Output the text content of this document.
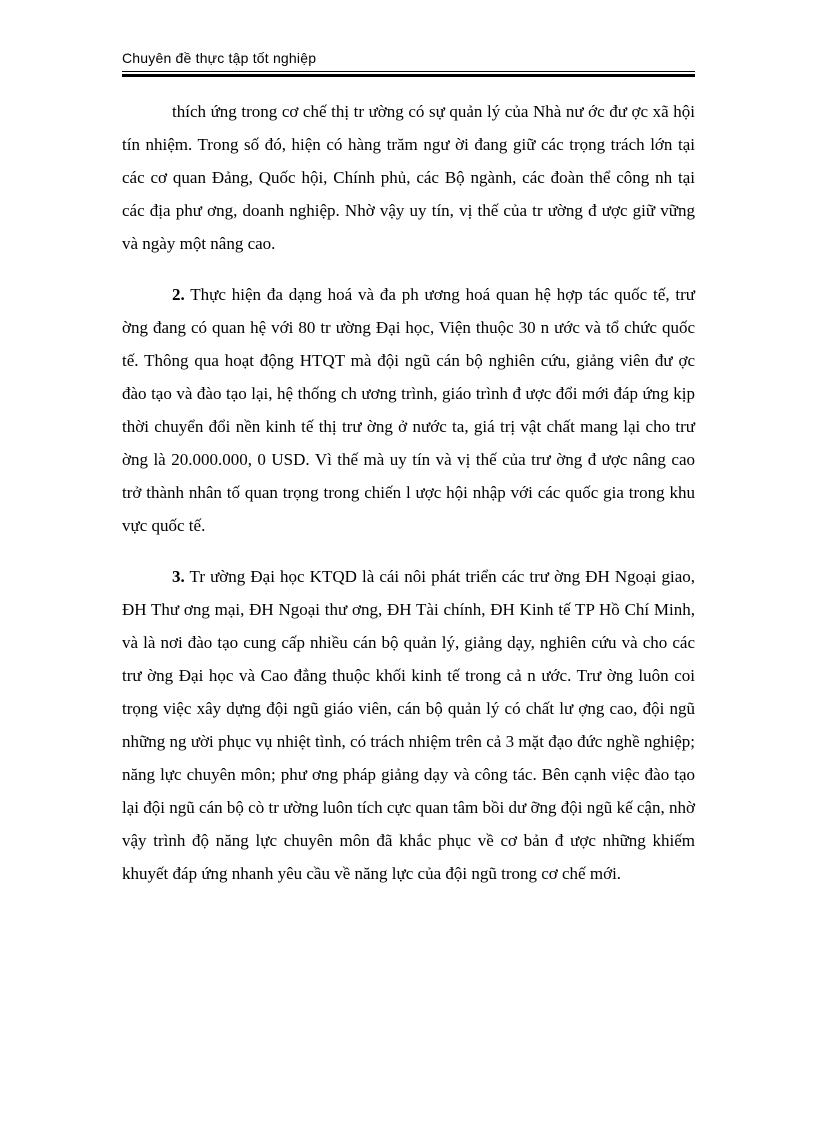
Chuyên đề thực tập tốt nghiệp

thích ứng trong cơ chế thị tr ường có sự quản lý của Nhà nư ớc đư ợc xã hội tín nhiệm. Trong số đó, hiện có hàng trăm ngư ời đang giữ các trọng trách lớn tại các cơ quan Đảng, Quốc hội, Chính phủ, các Bộ ngành, các đoàn thể công nh tại các địa phư ơng, doanh nghiệp. Nhờ vậy uy tín, vị thế của tr ường đ ược giữ vững và ngày một nâng cao.

2. Thực hiện đa dạng hoá và đa ph ương hoá quan hệ hợp tác quốc tế, trư ờng đang có quan hệ với 80 tr ường Đại học, Viện thuộc 30 n ước và tổ chức quốc tế. Thông qua hoạt động HTQT mà đội ngũ cán bộ nghiên cứu, giảng viên đư ợc đào tạo và đào tạo lại, hệ thống ch ương trình, giáo trình đ ược đổi mới đáp ứng kịp thời chuyển đổi nền kinh tế thị trư ờng ở nước ta, giá trị vật chất mang lại cho trư ờng là 20.000.000, 0 USD. Vì thế mà uy tín và vị thế của trư ờng đ ược nâng cao trở thành nhân tố quan trọng trong chiến l ược hội nhập với các quốc gia trong khu vực quốc tế.

3. Tr ường Đại học KTQD là cái nôi phát triển các trư ờng ĐH Ngoại giao, ĐH Thư ơng mại, ĐH Ngoại thư ơng, ĐH Tài chính, ĐH Kinh tế TP Hồ Chí Minh, và là nơi đào tạo cung cấp nhiều cán bộ quản lý, giảng dạy, nghiên cứu và cho các trư ờng Đại học và Cao đẳng thuộc khối kinh tế trong cả n ước. Trư ờng luôn coi trọng việc xây dựng đội ngũ giáo viên, cán bộ quản lý có chất lư ợng cao, đội ngũ những ng ười phục vụ nhiệt tình, có trách nhiệm trên cả 3 mặt đạo đức nghề nghiệp; năng lực chuyên môn; phư ơng pháp giảng dạy và công tác. Bên cạnh việc đào tạo lại đội ngũ cán bộ cò tr ường luôn tích cực quan tâm bồi dư ỡng đội ngũ kế cận, nhờ vậy trình độ năng lực chuyên môn đã khắc phục về cơ bản đ ược những khiếm khuyết đáp ứng nhanh yêu cầu về năng lực của đội ngũ trong cơ chế mới.
